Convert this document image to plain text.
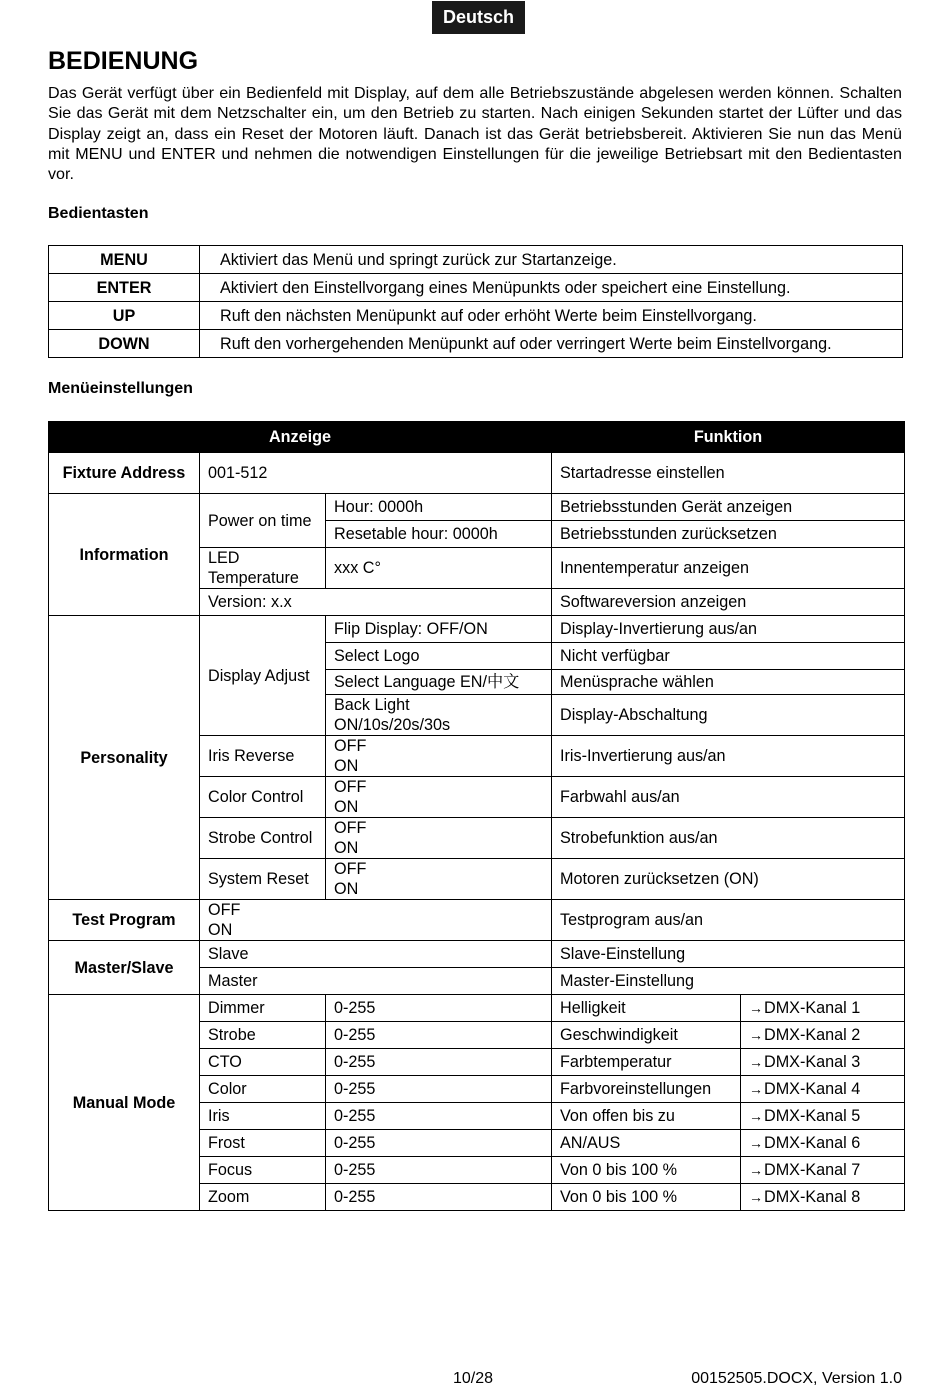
Deutsch
BEDIENUNG

Das Gerät verfügt über ein Bedienfeld mit Display, auf dem alle Betriebszustände abgelesen werden können. Schalten Sie das Gerät mit dem Netzschalter ein, um den Betrieb zu starten. Nach einigen Sekunden startet der Lüfter und das Display zeigt an, dass ein Reset der Motoren läuft. Danach ist das Gerät betriebsbereit. Aktivieren Sie nun das Menü mit MENU und ENTER und nehmen die notwendigen Einstellungen für die jeweilige Betriebsart mit den Bedientasten vor.

Bedientasten
MENU	Aktiviert das Menü und springt zurück zur Startanzeige.
ENTER	Aktiviert den Einstellvorgang eines Menüpunkts oder speichert eine Einstellung.
UP	Ruft den nächsten Menüpunkt auf oder erhöht Werte beim Einstellvorgang.
DOWN	Ruft den vorhergehenden Menüpunkt auf oder verringert Werte beim Einstellvorgang.
Menüeinstellungen
Anzeige			Funktion	
Fixture Address	001-512		Startadresse einstellen	
Information	Power on time	Hour: 0000h	Betriebsstunden Gerät anzeigen	
		Resetable hour: 0000h	Betriebsstunden zurücksetzen	
	LED Temperature	xxx C°	Innentemperatur anzeigen	
	Version: x.x		Softwareversion anzeigen	
Personality	Display Adjust	Flip Display: OFF/ON	Display-Invertierung aus/an	
		Select Logo	Nicht verfügbar	
		Select Language EN/中文	Menüsprache wählen	
		Back Light
ON/10s/20s/30s	Display-Abschaltung	
	Iris Reverse	OFF
ON	Iris-Invertierung aus/an	
	Color Control	OFF
ON	Farbwahl aus/an	
	Strobe Control	OFF
ON	Strobefunktion aus/an	
	System Reset	OFF
ON	Motoren zurücksetzen (ON)	
Test Program	OFF
ON		Testprogram aus/an	
Master/Slave	Slave		Slave-Einstellung	
	Master		Master-Einstellung	
Manual Mode	Dimmer	0-255	Helligkeit	→DMX-Kanal 1
	Strobe	0-255	Geschwindigkeit	→DMX-Kanal 2
	CTO	0-255	Farbtemperatur	→DMX-Kanal 3
	Color	0-255	Farbvoreinstellungen	→DMX-Kanal 4
	Iris	0-255	Von offen bis zu	→DMX-Kanal 5
	Frost	0-255	AN/AUS	→DMX-Kanal 6
	Focus	0-255	Von 0 bis 100 %	→DMX-Kanal 7
	Zoom	0-255	Von 0 bis 100 %	→DMX-Kanal 8
10/28	00152505.DOCX, Version 1.0
